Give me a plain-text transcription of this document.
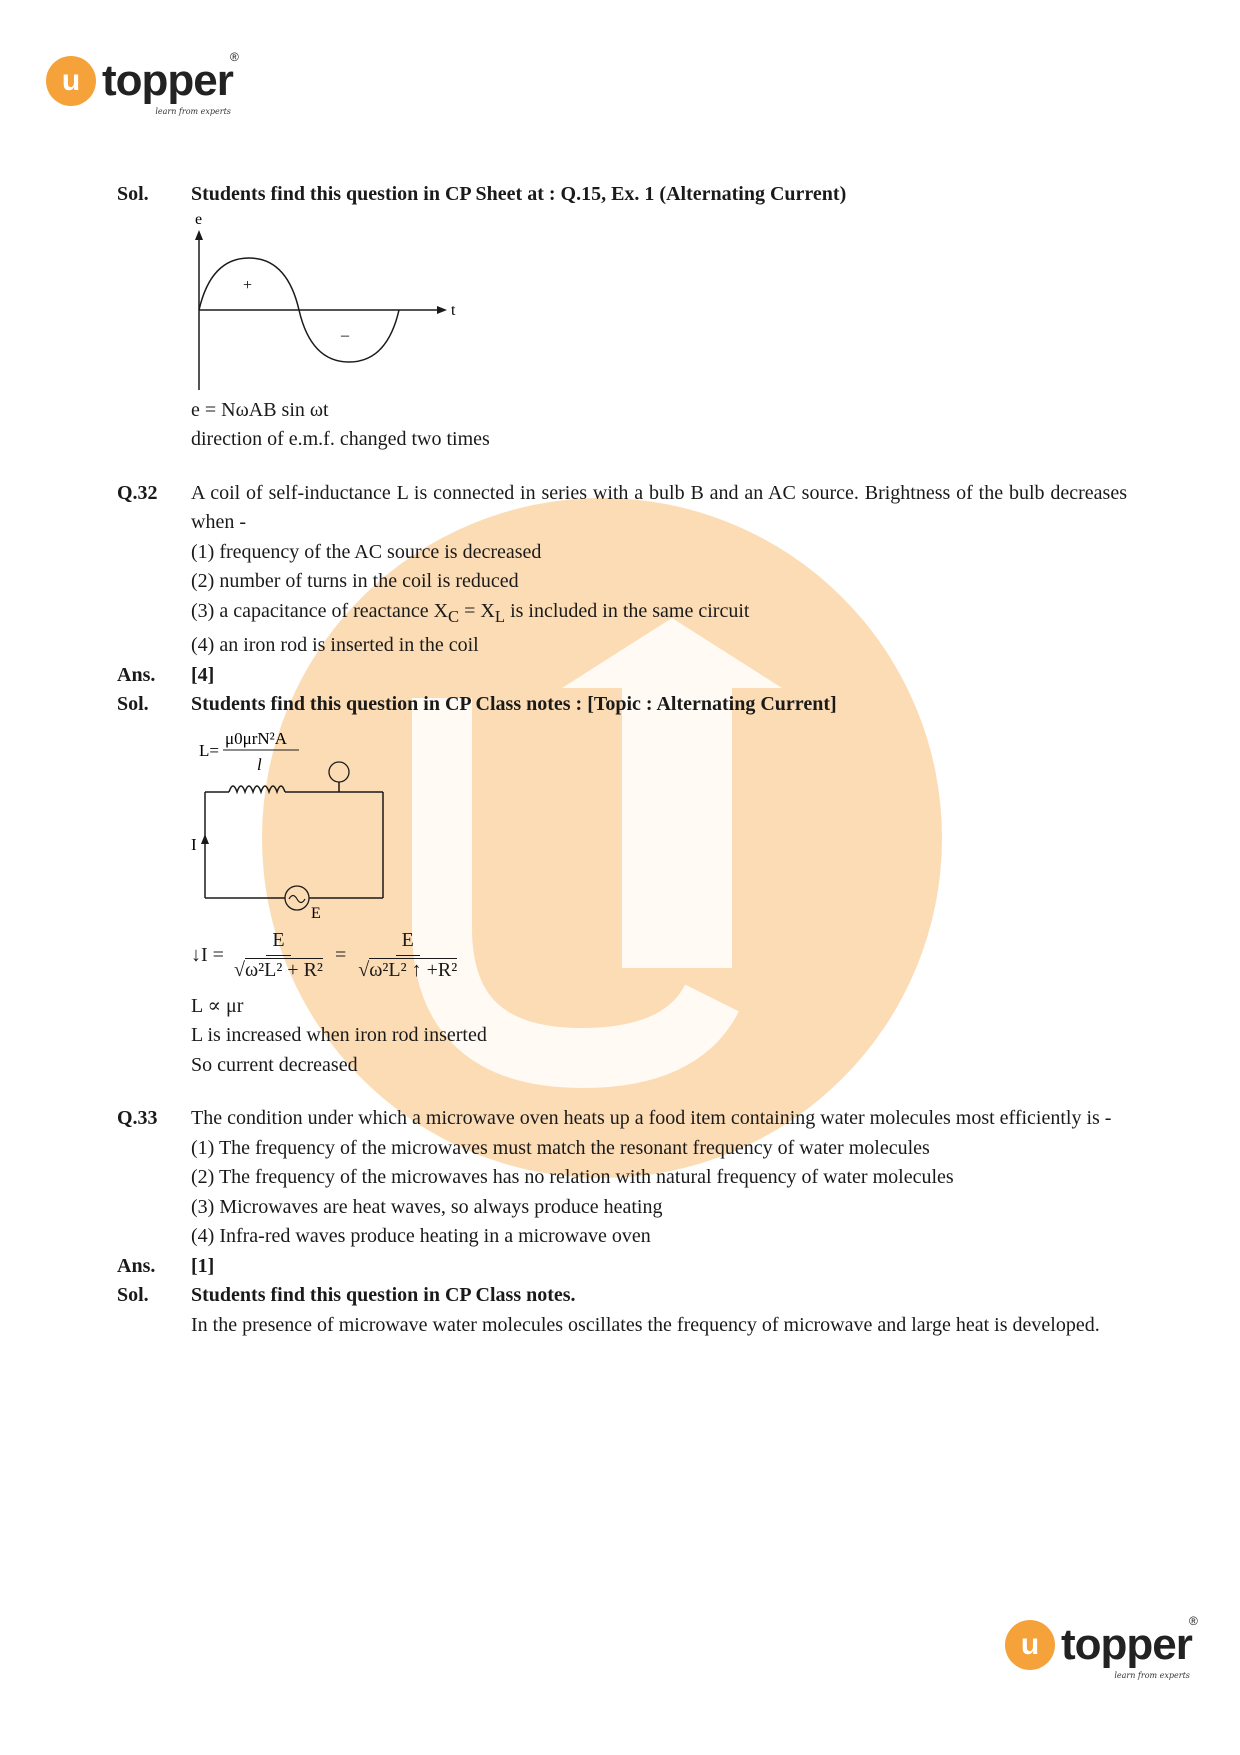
u topper
®
learn from experts
Sol.	Students find this question in CP Sheet at : Q.15, Ex. 1 (Alternating Current)
e
t
+
–
e = NωAB sin ωt
direction of e.m.f. changed two times
Q.32	A coil of self-inductance L is connected in series with a bulb B and an AC source. Brightness of the bulb decreases when -
(1) frequency of the AC source is decreased
(2) number of turns in the coil is reduced
(3) a capacitance of reactance $X_C = X_L$ is included in the same circuit
(4) an iron rod is inserted in the coil
Ans.	[4]
Sol.	Students find this question in CP Class notes : [Topic : Alternating Current]
L=
μ0μrN²A
l
E
I
↓I = $\frac{E}{\text{√ω²L² + R²}} = \frac{E}{\text{√ω²L² ↑ +R²}}$
L ∝ μr
L is increased when iron rod inserted
So current decreased
Q.33	The condition under which a microwave oven heats up a food item containing water molecules most efficiently is -
(1) The frequency of the microwaves must match the resonant frequency of water molecules
(2) The frequency of the microwaves has no relation with natural frequency of water molecules
(3) Microwaves are heat waves, so always produce heating
(4) Infra-red waves produce heating in a microwave oven
Ans.	[1]
Sol.	Students find this question in CP Class notes.
In the presence of microwave water molecules oscillates the frequency of microwave and large heat is developed.
u topper
®
learn from experts
